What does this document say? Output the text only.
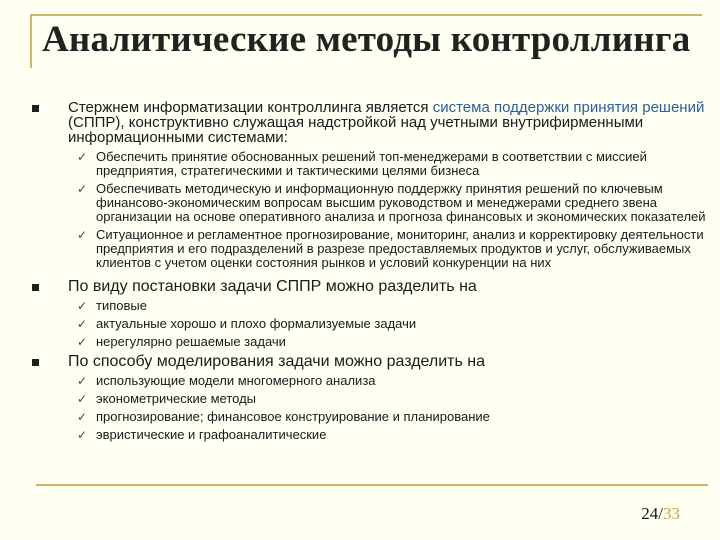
Аналитические методы контроллинга
Стержнем информатизации контроллинга является система поддержки принятия решений (СППР), конструктивно служащая надстройкой над учетными внутрифирменными информационными системами:
✓ Обеспечить принятие обоснованных решений топ-менеджерами в соответствии с миссией предприятия, стратегическими и тактическими целями бизнеса
✓ Обеспечивать методическую и информационную поддержку принятия решений по ключевым финансово-экономическим вопросам высшим руководством и менеджерами среднего звена организации на основе оперативного анализа и прогноза финансовых и экономических показателей
✓ Ситуационное и регламентное прогнозирование, мониторинг, анализ и корректировку деятельности предприятия и его подразделений в разрезе предоставляемых продуктов и услуг, обслуживаемых клиентов с учетом оценки состояния рынков и условий конкуренции на них
По виду постановки задачи СППР можно разделить на
✓ типовые
✓ актуальные хорошо и плохо формализуемые задачи
✓ нерегулярно решаемые задачи
По способу моделирования задачи можно разделить на
✓ использующие модели многомерного анализа
✓ эконометрические методы
✓ прогнозирование; финансовое конструирование и планирование
✓ эвристические и графоаналитические
24/33
